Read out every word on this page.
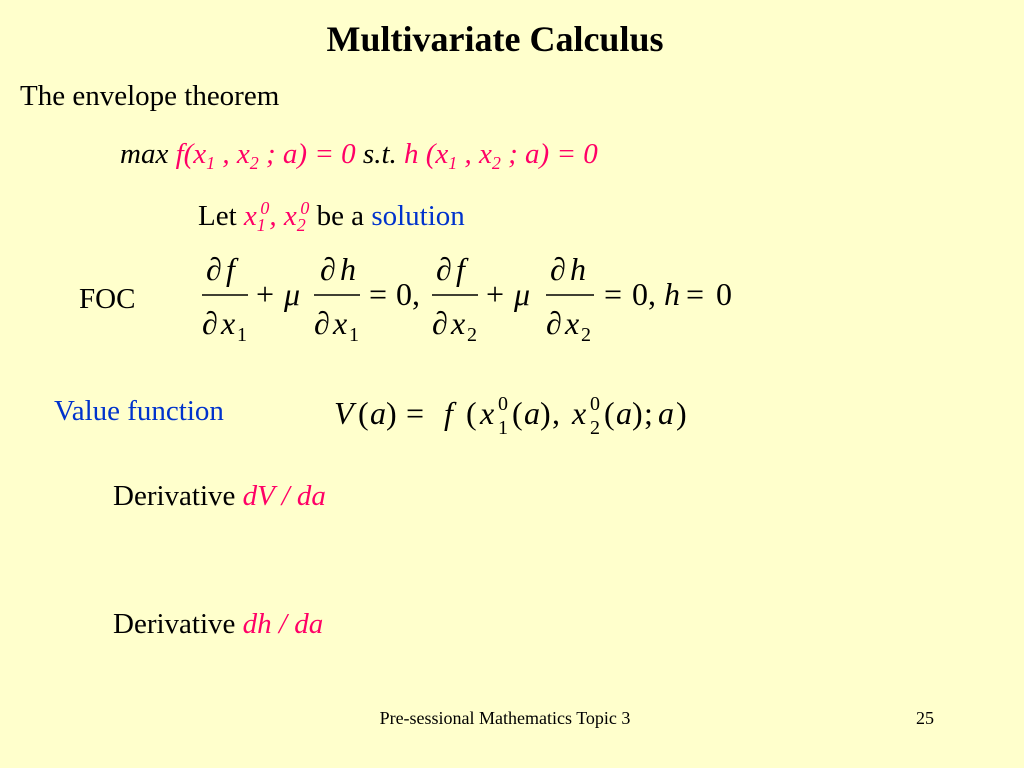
Multivariate Calculus
The envelope theorem
$\max f(x_1$ , $x_2$ ; a) = 0 s.t. h ($x_1$ , $x_2$ ; a) = 0
Let $x_1^0$, $x_2^0$ be a solution
FOC
∂ f
∂ x 1
+ μ
∂ h
∂ x 1
= 0,
∂ f
∂ x 2
+ μ
∂ h
∂ x 2
= 0, h = 0
Value function	V ( a ) = f ( x 0
1 ( a ) , x 0
2 ( a ) ; a )
Derivative dV / da
Derivative dh / da
Pre-sessional Mathematics Topic 3	25
